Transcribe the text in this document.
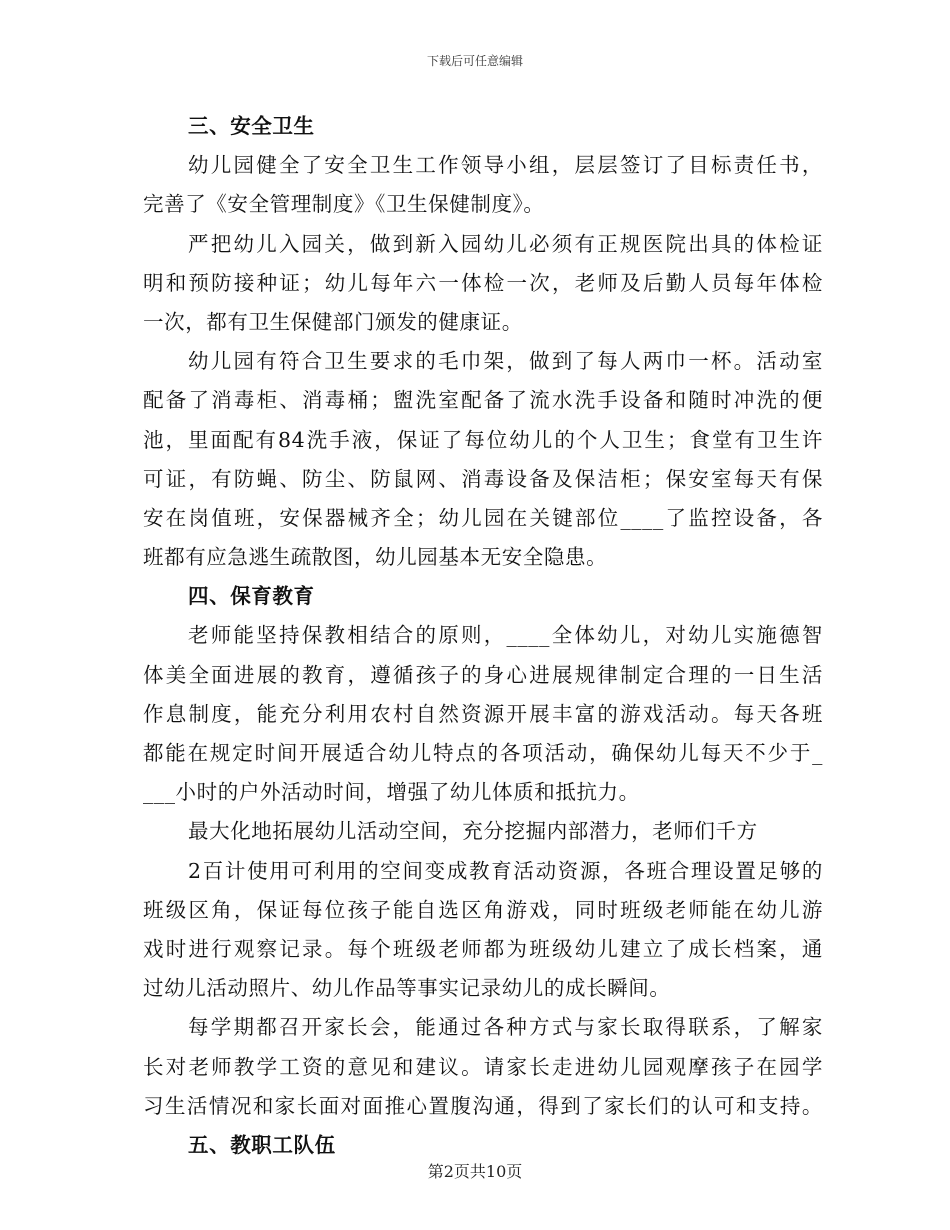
下载后可任意编辑
三、安全卫生
幼儿园健全了安全卫生工作领导小组，层层签订了目标责任书，
完善了《安全管理制度》《卫生保健制度》。
严把幼儿入园关，做到新入园幼儿必须有正规医院出具的体检证
明和预防接种证；幼儿每年六一体检一次，老师及后勤人员每年体检
一次，都有卫生保健部门颁发的健康证。
幼儿园有符合卫生要求的毛巾架，做到了每人两巾一杯。活动室
配备了消毒柜、消毒桶；盥洗室配备了流水洗手设备和随时冲洗的便
池，里面配有84洗手液，保证了每位幼儿的个人卫生；食堂有卫生许
可证，有防蝇、防尘、防鼠网、消毒设备及保洁柜；保安室每天有保
安在岗值班，安保器械齐全；幼儿园在关键部位____了监控设备，各
班都有应急逃生疏散图，幼儿园基本无安全隐患。
四、保育教育
老师能坚持保教相结合的原则，____全体幼儿，对幼儿实施德智
体美全面进展的教育，遵循孩子的身心进展规律制定合理的一日生活
作息制度，能充分利用农村自然资源开展丰富的游戏活动。每天各班
都能在规定时间开展适合幼儿特点的各项活动，确保幼儿每天不少于_
___小时的户外活动时间，增强了幼儿体质和抵抗力。
最大化地拓展幼儿活动空间，充分挖掘内部潜力，老师们千方
2百计使用可利用的空间变成教育活动资源，各班合理设置足够的
班级区角，保证每位孩子能自选区角游戏，同时班级老师能在幼儿游
戏时进行观察记录。每个班级老师都为班级幼儿建立了成长档案，通
过幼儿活动照片、幼儿作品等事实记录幼儿的成长瞬间。
每学期都召开家长会，能通过各种方式与家长取得联系，了解家
长对老师教学工资的意见和建议。请家长走进幼儿园观摩孩子在园学
习生活情况和家长面对面推心置腹沟通，得到了家长们的认可和支持。
五、教职工队伍
第2页共10页
